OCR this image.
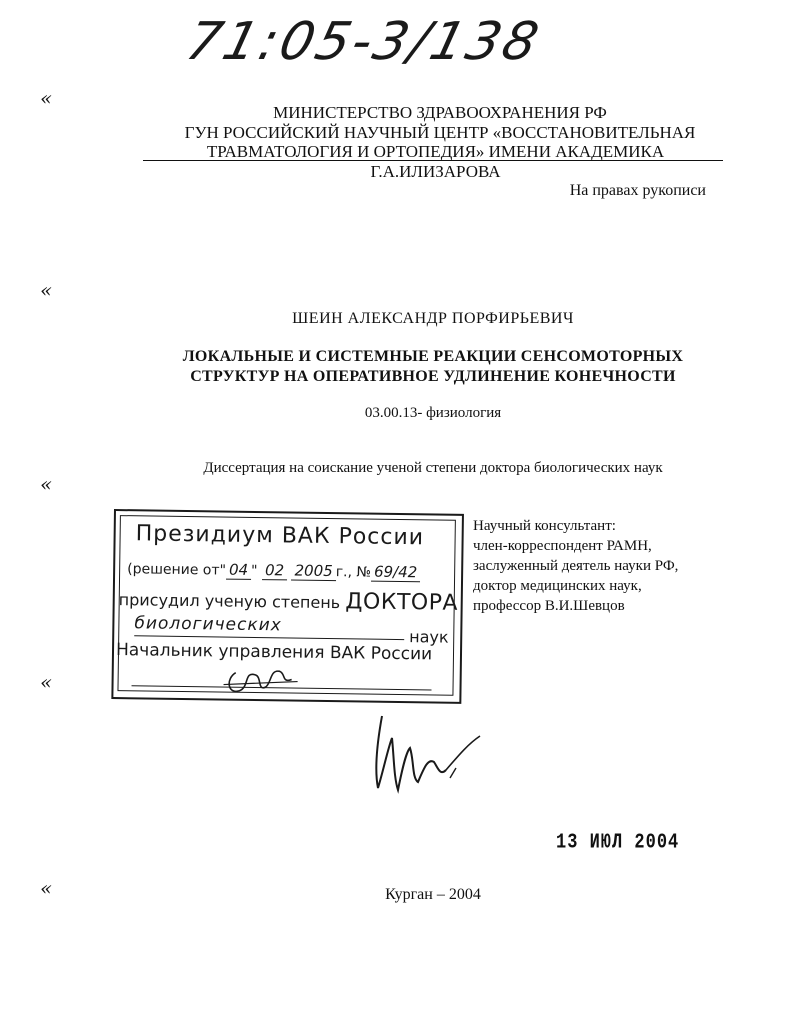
71:05-3/138
«
«
«
«
«
МИНИСТЕРСТВО ЗДРАВООХРАНЕНИЯ РФ
ГУН РОССИЙСКИЙ НАУЧНЫЙ ЦЕНТР «ВОССТАНОВИТЕЛЬНАЯ
ТРАВМАТОЛОГИЯ И ОРТОПЕДИЯ» ИМЕНИ АКАДЕМИКА Г.А.ИЛИЗАРОВА
На правах рукописи
ШЕИН АЛЕКСАНДР ПОРФИРЬЕВИЧ
ЛОКАЛЬНЫЕ И СИСТЕМНЫЕ РЕАКЦИИ СЕНСОМОТОРНЫХ
СТРУКТУР НА ОПЕРАТИВНОЕ УДЛИНЕНИЕ КОНЕЧНОСТИ
03.00.13- физиология
Диссертация на соискание ученой степени доктора биологических наук
Научный консультант:
член-корреспондент РАМН,
заслуженный деятель науки РФ,
доктор медицинских наук,
профессор В.И.Шевцов
Президиум ВАК России
(решение от" 04 " 02 2005 г., № 69/42
присудил ученую степень ДОКТОРА
биологических
наук
Начальник управления ВАК России
13 ИЮЛ 2004
Курган – 2004
